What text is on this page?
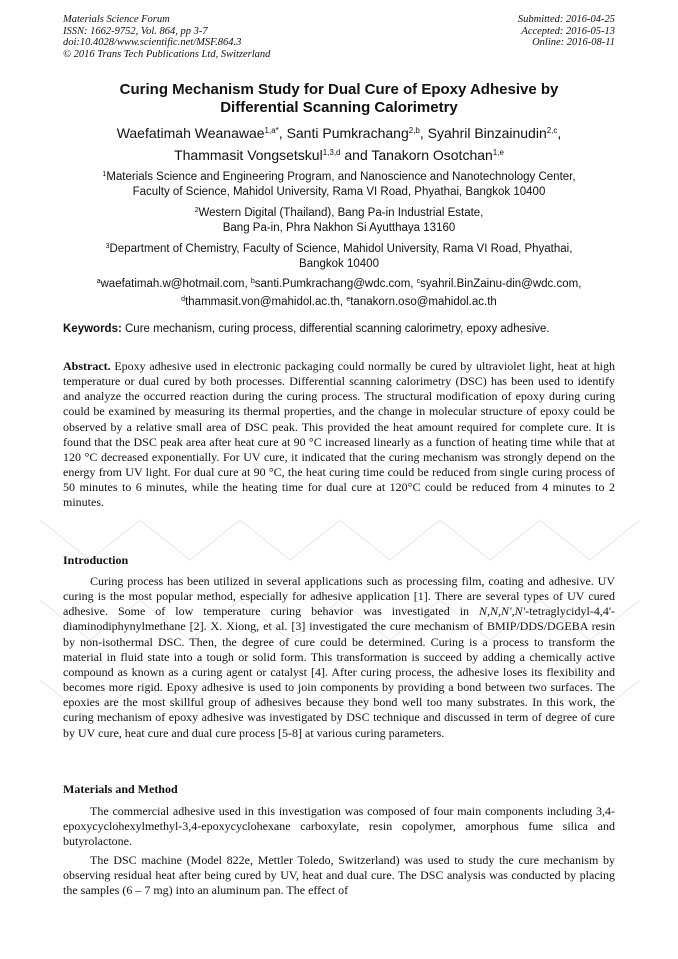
Materials Science Forum
ISSN: 1662-9752, Vol. 864, pp 3-7
doi:10.4028/www.scientific.net/MSF.864.3
© 2016 Trans Tech Publications Ltd, Switzerland
Submitted: 2016-04-25
Accepted: 2016-05-13
Online: 2016-08-11
Curing Mechanism Study for Dual Cure of Epoxy Adhesive by
Differential Scanning Calorimetry
Waefatimah Weanawae$^{1,a*}$, Santi Pumkrachang$^{2,b}$, Syahril Binzainudin$^{2,c}$,
Thammasit Vongsetskul$^{1,3,d}$ and Tanakorn Osotchan$^{1,e}$
$^1$Materials Science and Engineering Program, and Nanoscience and Nanotechnology Center,
Faculty of Science, Mahidol University, Rama VI Road, Phyathai, Bangkok 10400
$^2$Western Digital (Thailand), Bang Pa-in Industrial Estate,
Bang Pa-in, Phra Nakhon Si Ayutthaya 13160
$^3$Department of Chemistry, Faculty of Science, Mahidol University, Rama VI Road, Phyathai,
Bangkok 10400
$^a$waefatimah.w@hotmail.com, $^b$santi.Pumkrachang@wdc.com, $^c$syahril.BinZainu-din@wdc.com,
$^d$thammasit.von@mahidol.ac.th, $^e$tanakorn.oso@mahidol.ac.th
Keywords: Cure mechanism, curing process, differential scanning calorimetry, epoxy adhesive.
Abstract. Epoxy adhesive used in electronic packaging could normally be cured by ultraviolet light, heat at high temperature or dual cured by both processes. Differential scanning calorimetry (DSC) has been used to identify and analyze the occurred reaction during the curing process. The structural modification of epoxy during curing could be examined by measuring its thermal properties, and the change in molecular structure of epoxy could be observed by a relative small area of DSC peak. This provided the heat amount required for complete cure. It is found that the DSC peak area after heat cure at 90 °C increased linearly as a function of heating time while that at 120 °C decreased exponentially. For UV cure, it indicated that the curing mechanism was strongly depend on the energy from UV light. For dual cure at 90 °C, the heat curing time could be reduced from single curing process of 50 minutes to 6 minutes, while the heating time for dual cure at 120°C could be reduced from 4 minutes to 2 minutes.
Introduction
Curing process has been utilized in several applications such as processing film, coating and adhesive. UV curing is the most popular method, especially for adhesive application [1]. There are several types of UV cured adhesive. Some of low temperature curing behavior was investigated in N,N,N',N'-tetraglycidyl-4,4'-diaminodiphynylmethane [2]. X. Xiong, et al. [3] investigated the cure mechanism of BMIP/DDS/DGEBA resin by non-isothermal DSC. Then, the degree of cure could be determined. Curing is a process to transform the material in fluid state into a tough or solid form. This transformation is succeed by adding a chemically active compound as known as a curing agent or catalyst [4]. After curing process, the adhesive loses its flexibility and becomes more rigid. Epoxy adhesive is used to join components by providing a bond between two surfaces. The epoxies are the most skillful group of adhesives because they bond well too many substrates. In this work, the curing mechanism of epoxy adhesive was investigated by DSC technique and discussed in term of degree of cure by UV cure, heat cure and dual cure process [5-8] at various curing parameters.
Materials and Method
The commercial adhesive used in this investigation was composed of four main components including 3,4-epoxycyclohexylmethyl-3,4-epoxycyclohexane carboxylate, resin copolymer, amorphous fume silica and butyrolactone.
The DSC machine (Model 822e, Mettler Toledo, Switzerland) was used to study the cure mechanism by observing residual heat after being cured by UV, heat and dual cure. The DSC analysis was conducted by placing the samples (6 – 7 mg) into an aluminum pan. The effect of
